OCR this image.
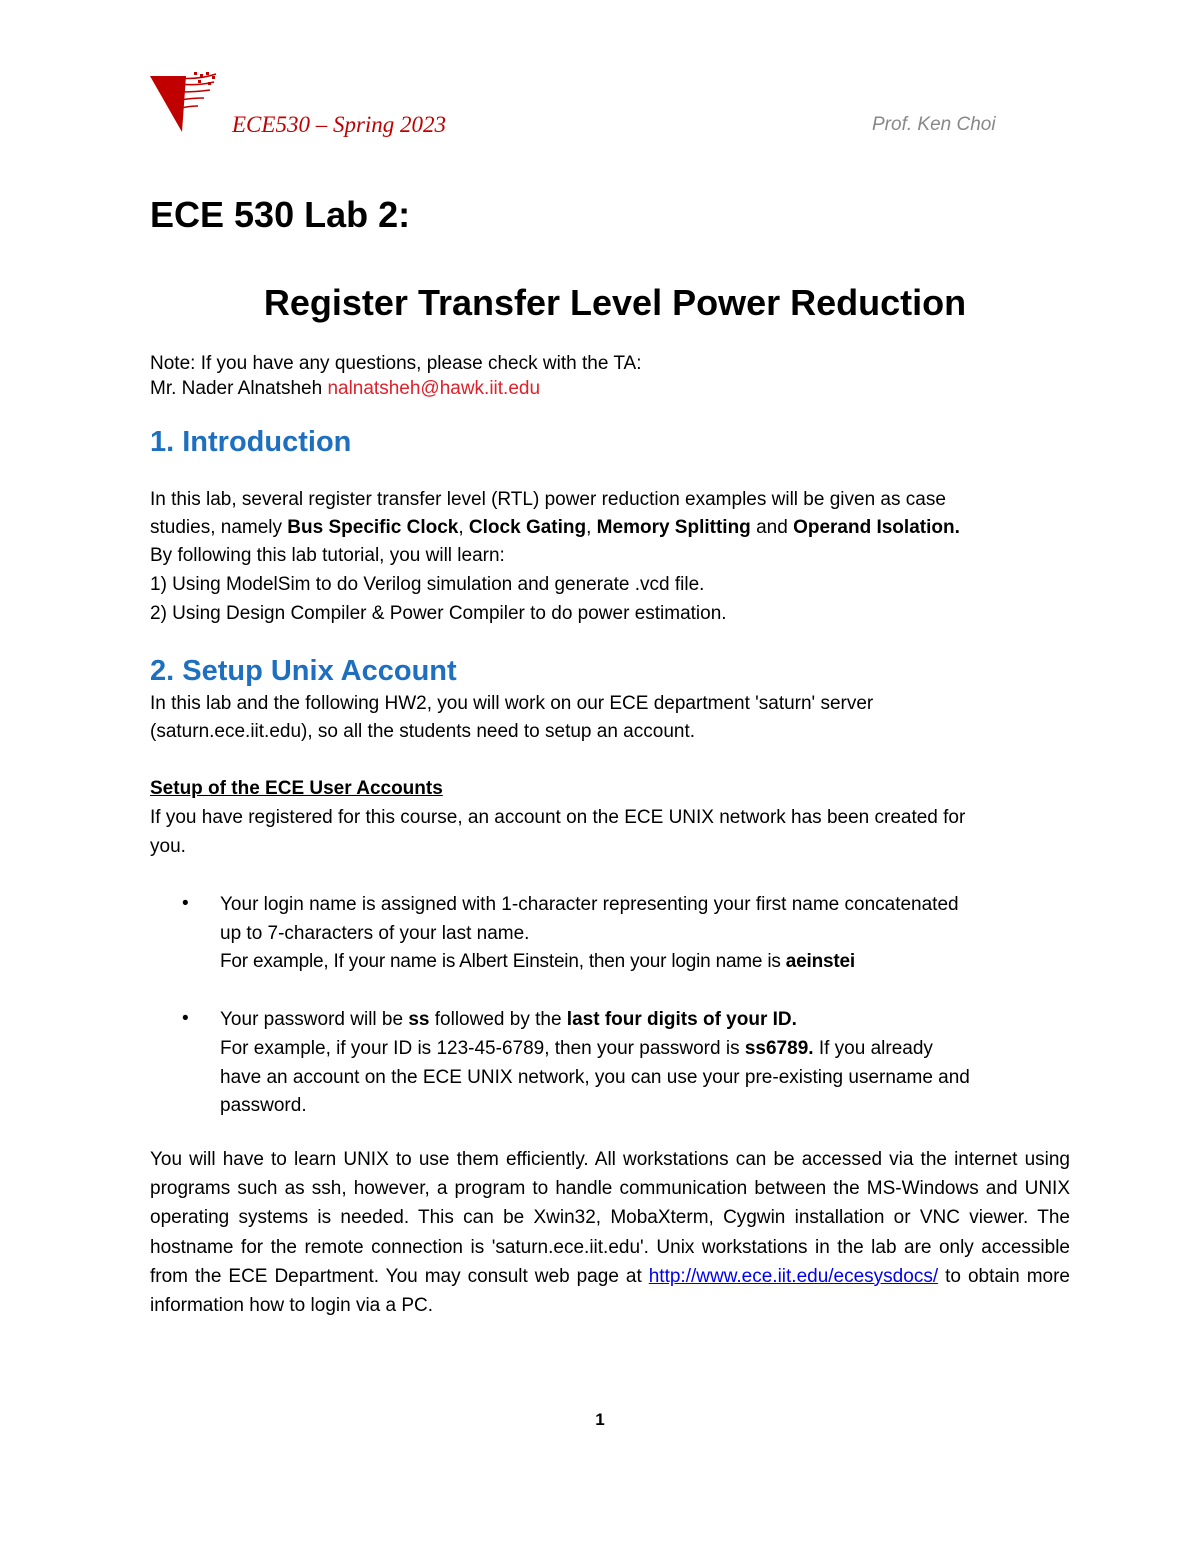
ECE530 – Spring 2023	Prof. Ken Choi
ECE 530 Lab 2:
Register Transfer Level Power Reduction
Note: If you have any questions, please check with the TA:
Mr. Nader Alnatsheh nalnatsheh@hawk.iit.edu
1. Introduction
In this lab, several register transfer level (RTL) power reduction examples will be given as case
studies, namely Bus Specific Clock, Clock Gating, Memory Splitting and Operand Isolation.
By following this lab tutorial, you will learn:
1) Using ModelSim to do Verilog simulation and generate .vcd file.
2) Using Design Compiler & Power Compiler to do power estimation.
2. Setup Unix Account
In this lab and the following HW2, you will work on our ECE department 'saturn' server
(saturn.ece.iit.edu), so all the students need to setup an account.
Setup of the ECE User Accounts
If you have registered for this course, an account on the ECE UNIX network has been created for
you.
• Your login name is assigned with 1-character representing your first name concatenated
up to 7-characters of your last name.
For example, If your name is Albert Einstein, then your login name is aeinstei
• Your password will be ss followed by the last four digits of your ID.
For example, if your ID is 123-45-6789, then your password is ss6789. If you already
have an account on the ECE UNIX network, you can use your pre-existing username and
password.
You will have to learn UNIX to use them efficiently. All workstations can be accessed via the internet using programs such as ssh, however, a program to handle communication between the MS-Windows and UNIX operating systems is needed. This can be Xwin32, MobaXterm, Cygwin installation or VNC viewer. The hostname for the remote connection is 'saturn.ece.iit.edu'. Unix workstations in the lab are only accessible from the ECE Department. You may consult web page at http://www.ece.iit.edu/ecesysdocs/ to obtain more information how to login via a PC.
1
